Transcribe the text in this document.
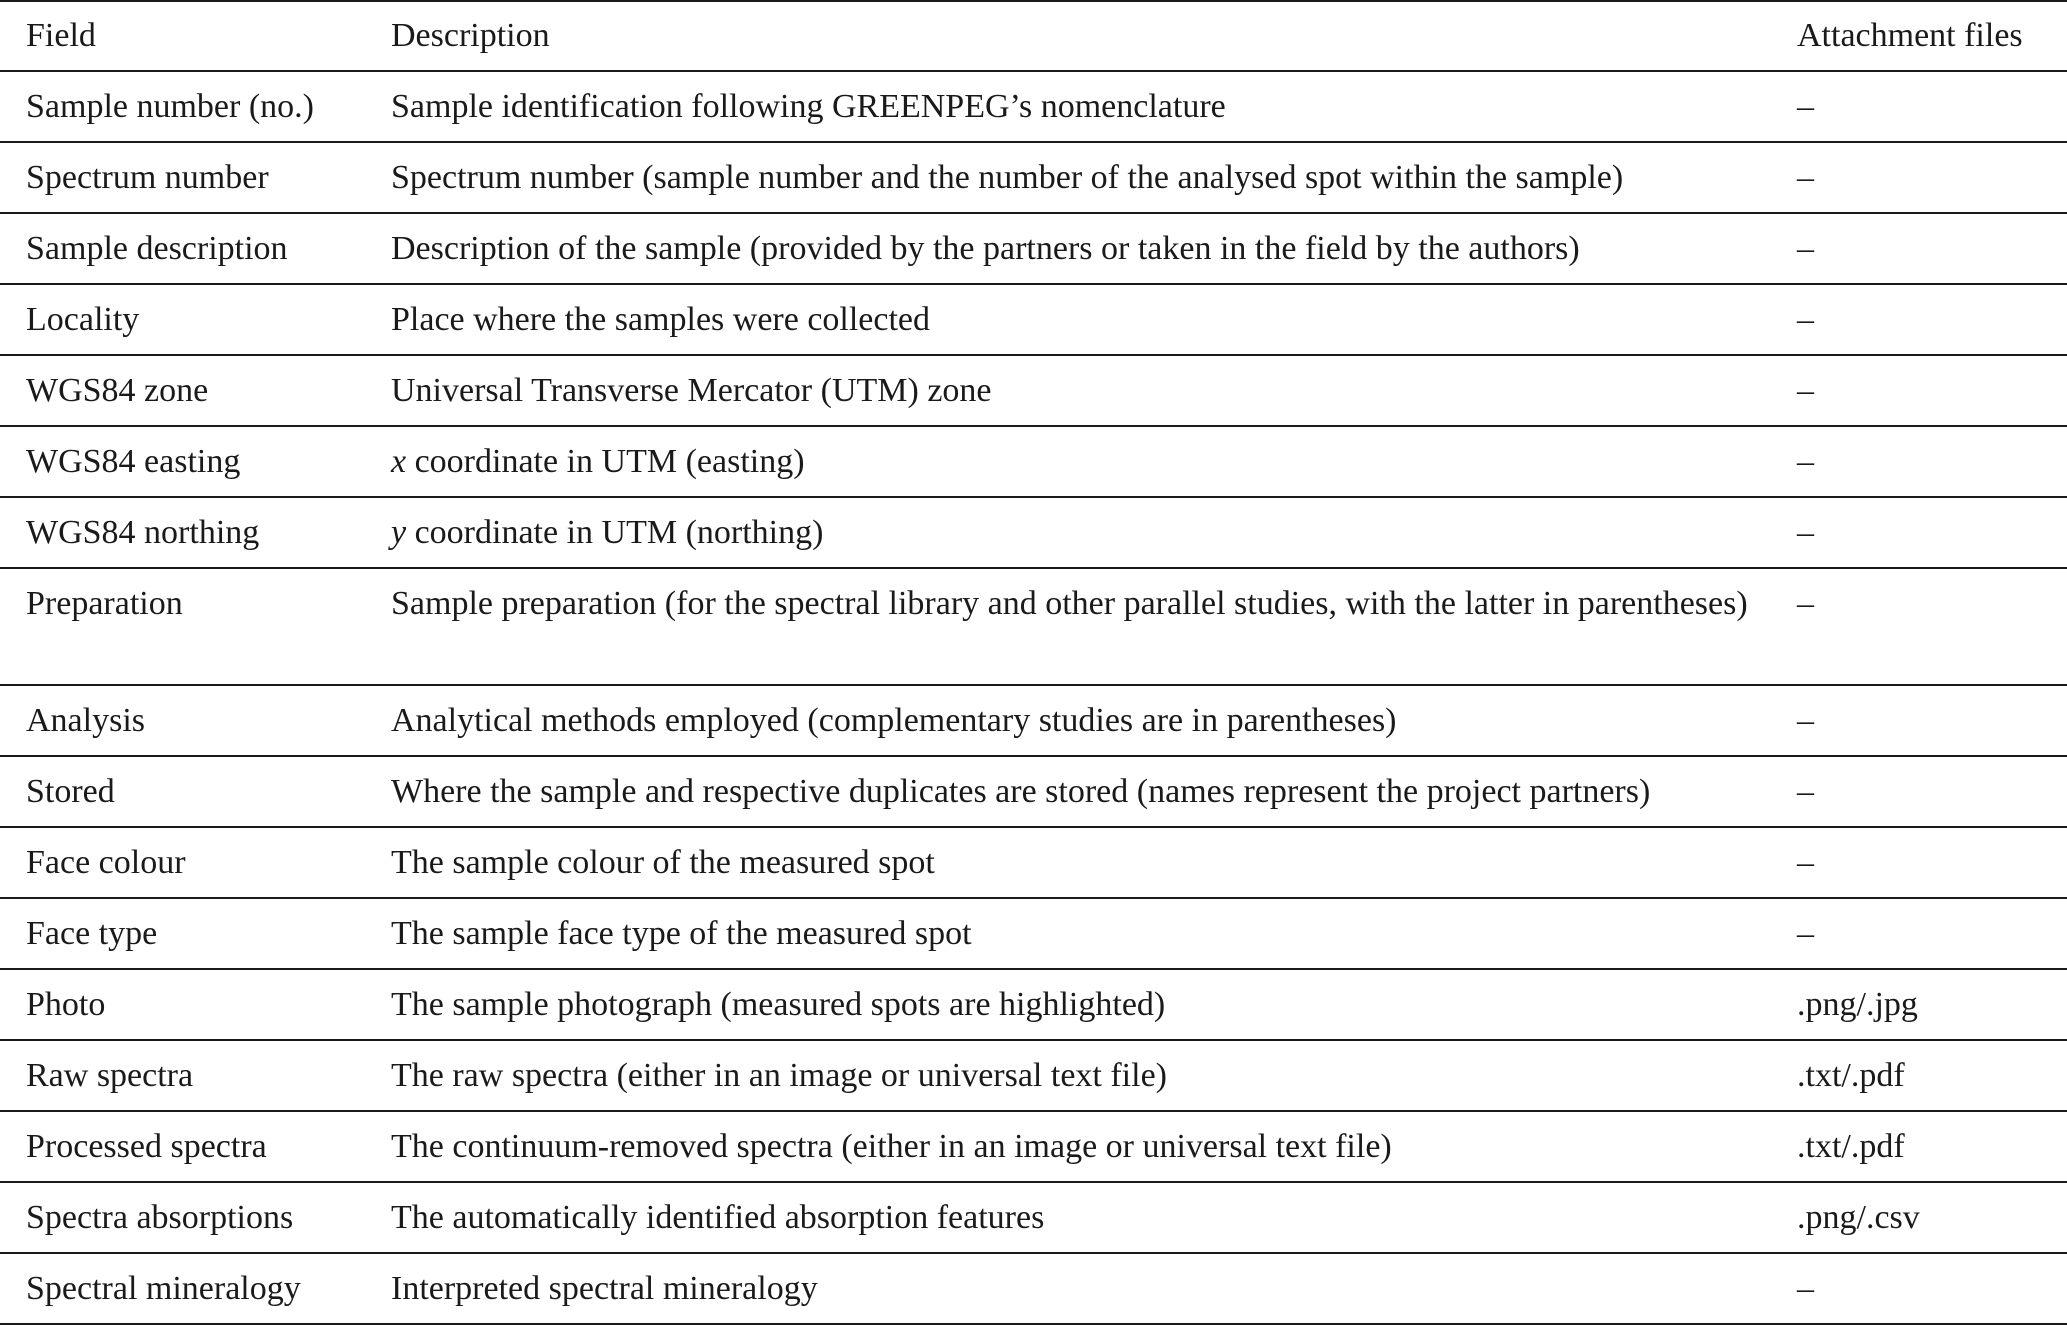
Field	Description	Attachment files
Sample number (no.)	Sample identification following GREENPEG’s nomenclature	–
Spectrum number	Spectrum number (sample number and the number of the analysed spot within the sample)	–
Sample description	Description of the sample (provided by the partners or taken in the field by the authors)	–
Locality	Place where the samples were collected	–
WGS84 zone	Universal Transverse Mercator (UTM) zone	–
WGS84 easting	x coordinate in UTM (easting)	–
WGS84 northing	y coordinate in UTM (northing)	–
Preparation	Sample preparation (for the spectral library and other parallel studies, with the latter in parentheses)	–
Analysis	Analytical methods employed (complementary studies are in parentheses)	–
Stored	Where the sample and respective duplicates are stored (names represent the project partners)	–
Face colour	The sample colour of the measured spot	–
Face type	The sample face type of the measured spot	–
Photo	The sample photograph (measured spots are highlighted)	.png/.jpg
Raw spectra	The raw spectra (either in an image or universal text file)	.txt/.pdf
Processed spectra	The continuum-removed spectra (either in an image or universal text file)	.txt/.pdf
Spectra absorptions	The automatically identified absorption features	.png/.csv
Spectral mineralogy	Interpreted spectral mineralogy	–
